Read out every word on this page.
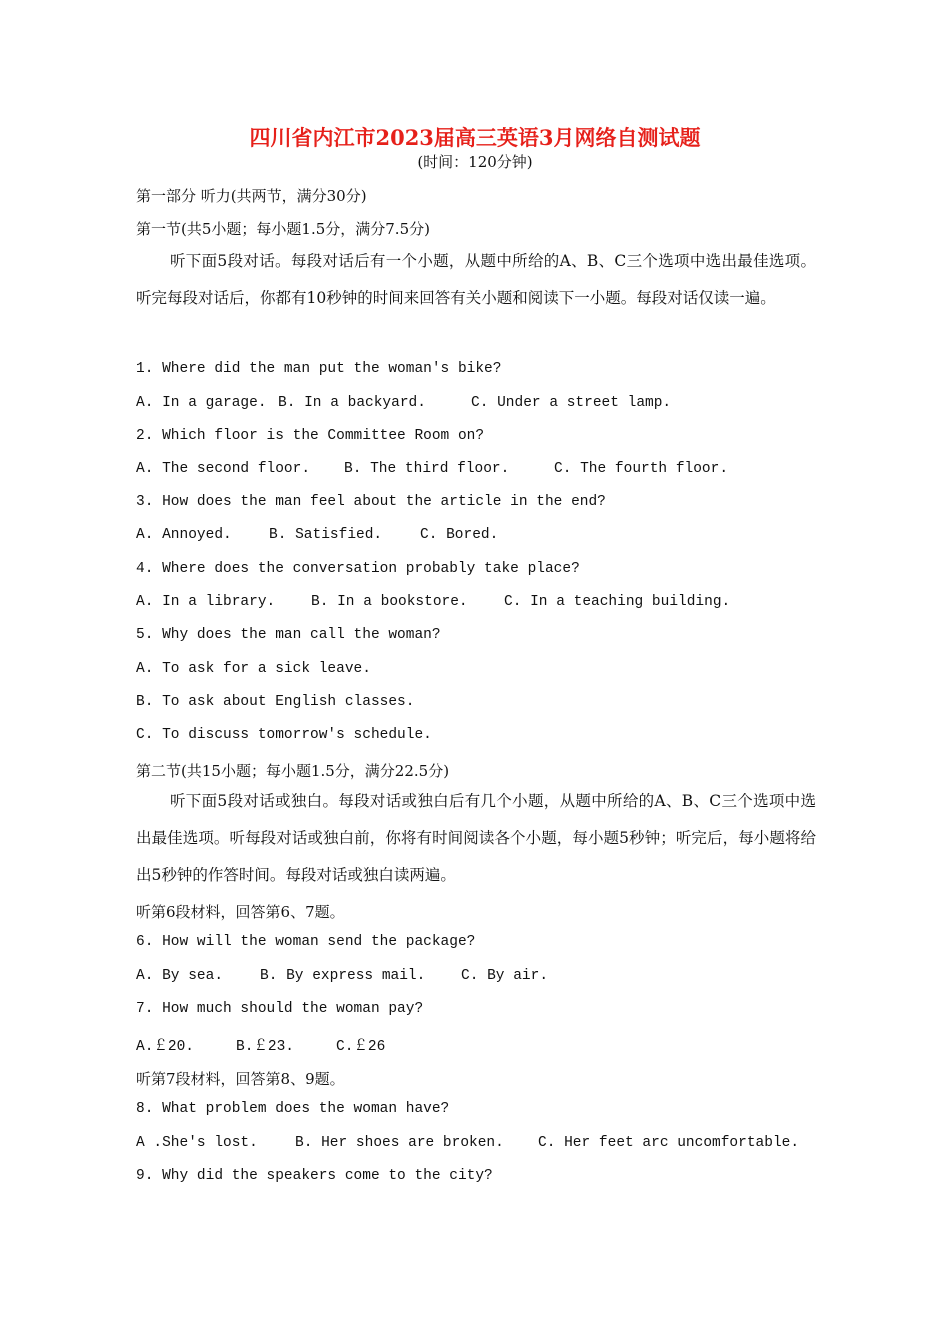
四川省内江市2023届高三英语3月网络自测试题
(时间：120分钟)
第一部分 听力(共两节，满分30分)
第一节(共5小题；每小题1.5分，满分7.5分)
听下面5段对话。每段对话后有一个小题，从题中所给的A、B、C三个选项中选出最佳选项。听完每段对话后，你都有10秒钟的时间来回答有关小题和阅读下一小题。每段对话仅读一遍。
1. Where did the man put the woman's bike?
A. In a garage. B. In a backyard.	C. Under a street lamp.
2. Which floor is the Committee Room on?
A. The second floor. B. The third floor.	C. The fourth floor.
3. How does the man feel about the article in the end?
A. Annoyed.	B. Satisfied.	C. Bored.
4. Where does the conversation probably take place?
A. In a library. B. In a bookstore.	C. In a teaching building.
5. Why does the man call the woman?
A. To ask for a sick leave.
B. To ask about English classes.
C. To discuss tomorrow's schedule.
第二节(共15小题；每小题1.5分，满分22.5分)
听下面5段对话或独白。每段对话或独白后有几个小题，从题中所给的A、B、C三个选项中选出最佳选项。听每段对话或独白前，你将有时间阅读各个小题，每小题5秒钟；听完后，每小题将给出5秒钟的作答时间。每段对话或独白读两遍。
听第6段材料，回答第6、7题。
6. How will the woman send the package?
A. By sea.	B. By express mail. C. By air.
7. How much should the woman pay?
A.￡20.	B.￡23.	C.￡26
听第7段材料，回答第8、9题。
8. What problem does the woman have?
A .She's lost.	B. Her shoes are broken. C. Her feet arc uncomfortable.
9. Why did the speakers come to the city?
